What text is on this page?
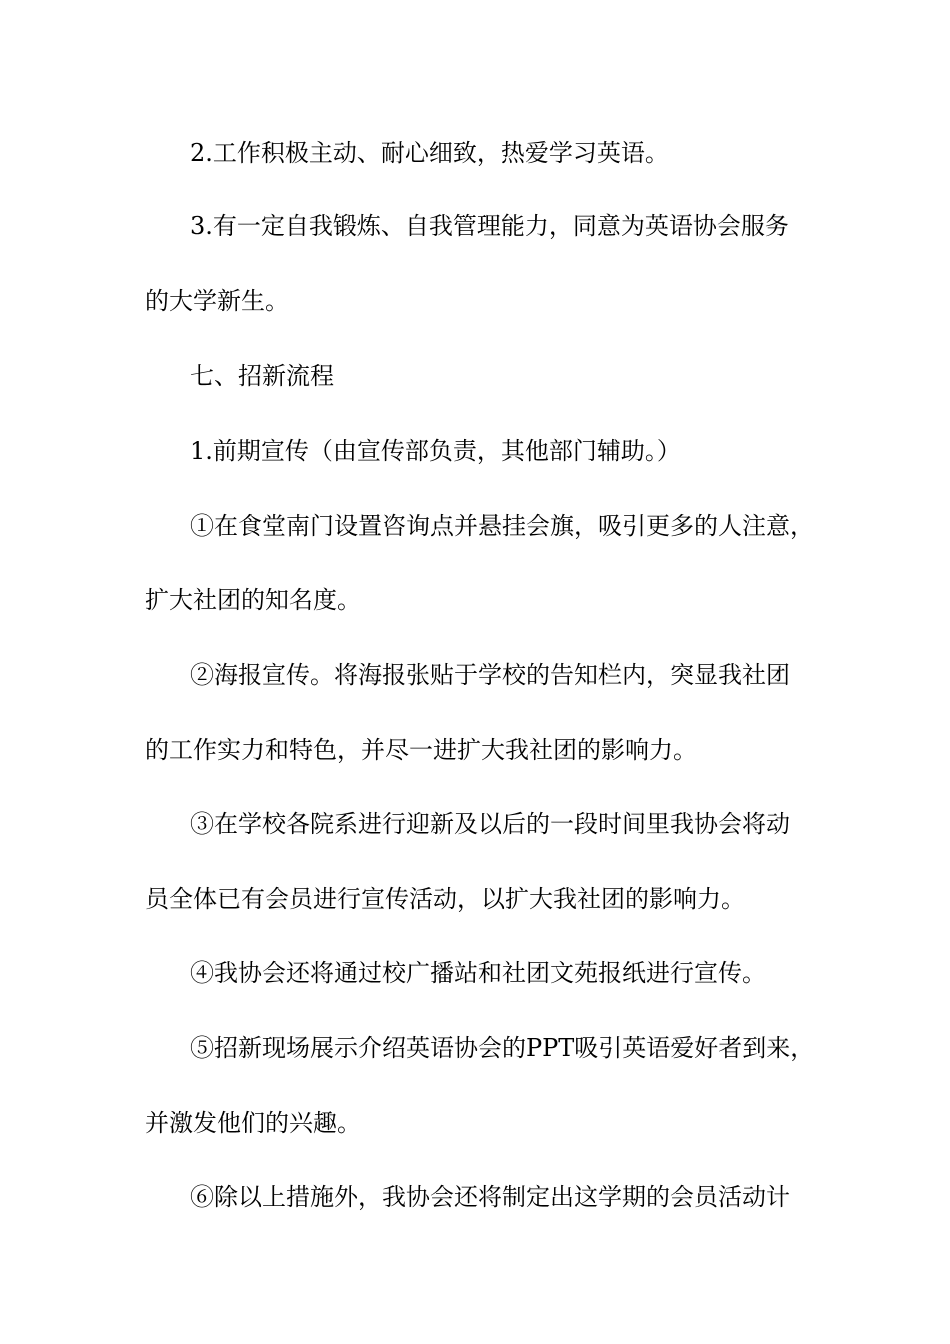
2.工作积极主动、耐心细致，热爱学习英语。
3.有一定自我锻炼、自我管理能力，同意为英语协会服务
的大学新生。
七、招新流程
1.前期宣传（由宣传部负责，其他部门辅助。）
①在食堂南门设置咨询点并悬挂会旗，吸引更多的人注意，
扩大社团的知名度。
②海报宣传。将海报张贴于学校的告知栏内，突显我社团
的工作实力和特色，并尽一进扩大我社团的影响力。
③在学校各院系进行迎新及以后的一段时间里我协会将动
员全体已有会员进行宣传活动，以扩大我社团的影响力。
④我协会还将通过校广播站和社团文苑报纸进行宣传。
⑤招新现场展示介绍英语协会的PPT吸引英语爱好者到来，
并激发他们的兴趣。
⑥除以上措施外，我协会还将制定出这学期的会员活动计
